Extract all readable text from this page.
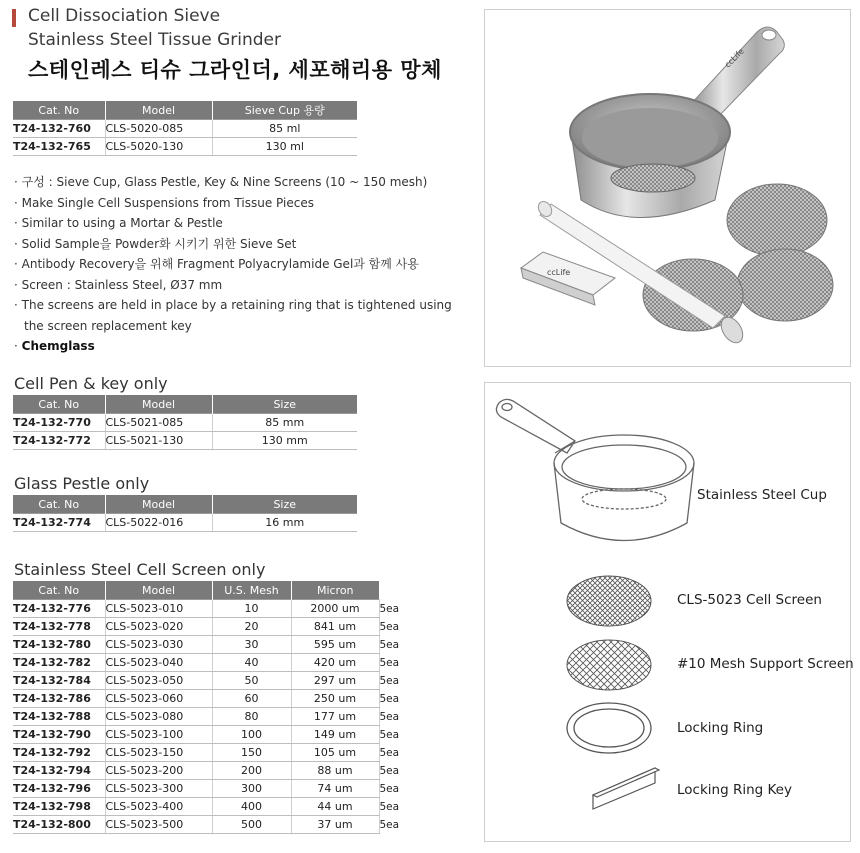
Cell Dissociation Sieve
Stainless Steel Tissue Grinder
스테인레스 티슈 그라인더, 세포해리용 망체
Cat. No	Model	Sieve Cup 용량
T24-132-760	CLS-5020-085	85 ml
T24-132-765	CLS-5020-130	130 ml
· 구성 : Sieve Cup, Glass Pestle, Key & Nine Screens (10 ~ 150 mesh)
· Make Single Cell Suspensions from Tissue Pieces
· Similar to using a Mortar & Pestle
· Solid Sample을 Powder화 시키기 위한 Sieve Set
· Antibody Recovery을 위해 Fragment Polyacrylamide Gel과 함께 사용
· Screen : Stainless Steel, Ø37 mm
· The screens are held in place by a retaining ring that is tightened using the screen replacement key
· Chemglass
Cell Pen & key only
Cat. No	Model	Size
T24-132-770	CLS-5021-085	85 mm
T24-132-772	CLS-5021-130	130 mm
Glass Pestle only
Cat. No	Model	Size
T24-132-774	CLS-5022-016	16 mm
Stainless Steel Cell Screen only
Cat. No	Model	U.S. Mesh	Micron	
T24-132-776	CLS-5023-010	10	2000 um	5ea
T24-132-778	CLS-5023-020	20	841 um	5ea
T24-132-780	CLS-5023-030	30	595 um	5ea
T24-132-782	CLS-5023-040	40	420 um	5ea
T24-132-784	CLS-5023-050	50	297 um	5ea
T24-132-786	CLS-5023-060	60	250 um	5ea
T24-132-788	CLS-5023-080	80	177 um	5ea
T24-132-790	CLS-5023-100	100	149 um	5ea
T24-132-792	CLS-5023-150	150	105 um	5ea
T24-132-794	CLS-5023-200	200	88 um	5ea
T24-132-796	CLS-5023-300	300	74 um	5ea
T24-132-798	CLS-5023-400	400	44 um	5ea
T24-132-800	CLS-5023-500	500	37 um	5ea
ccLife
ccLife
Stainless Steel Cup
CLS-5023 Cell Screen
#10 Mesh Support Screen
Locking Ring
Locking Ring Key
